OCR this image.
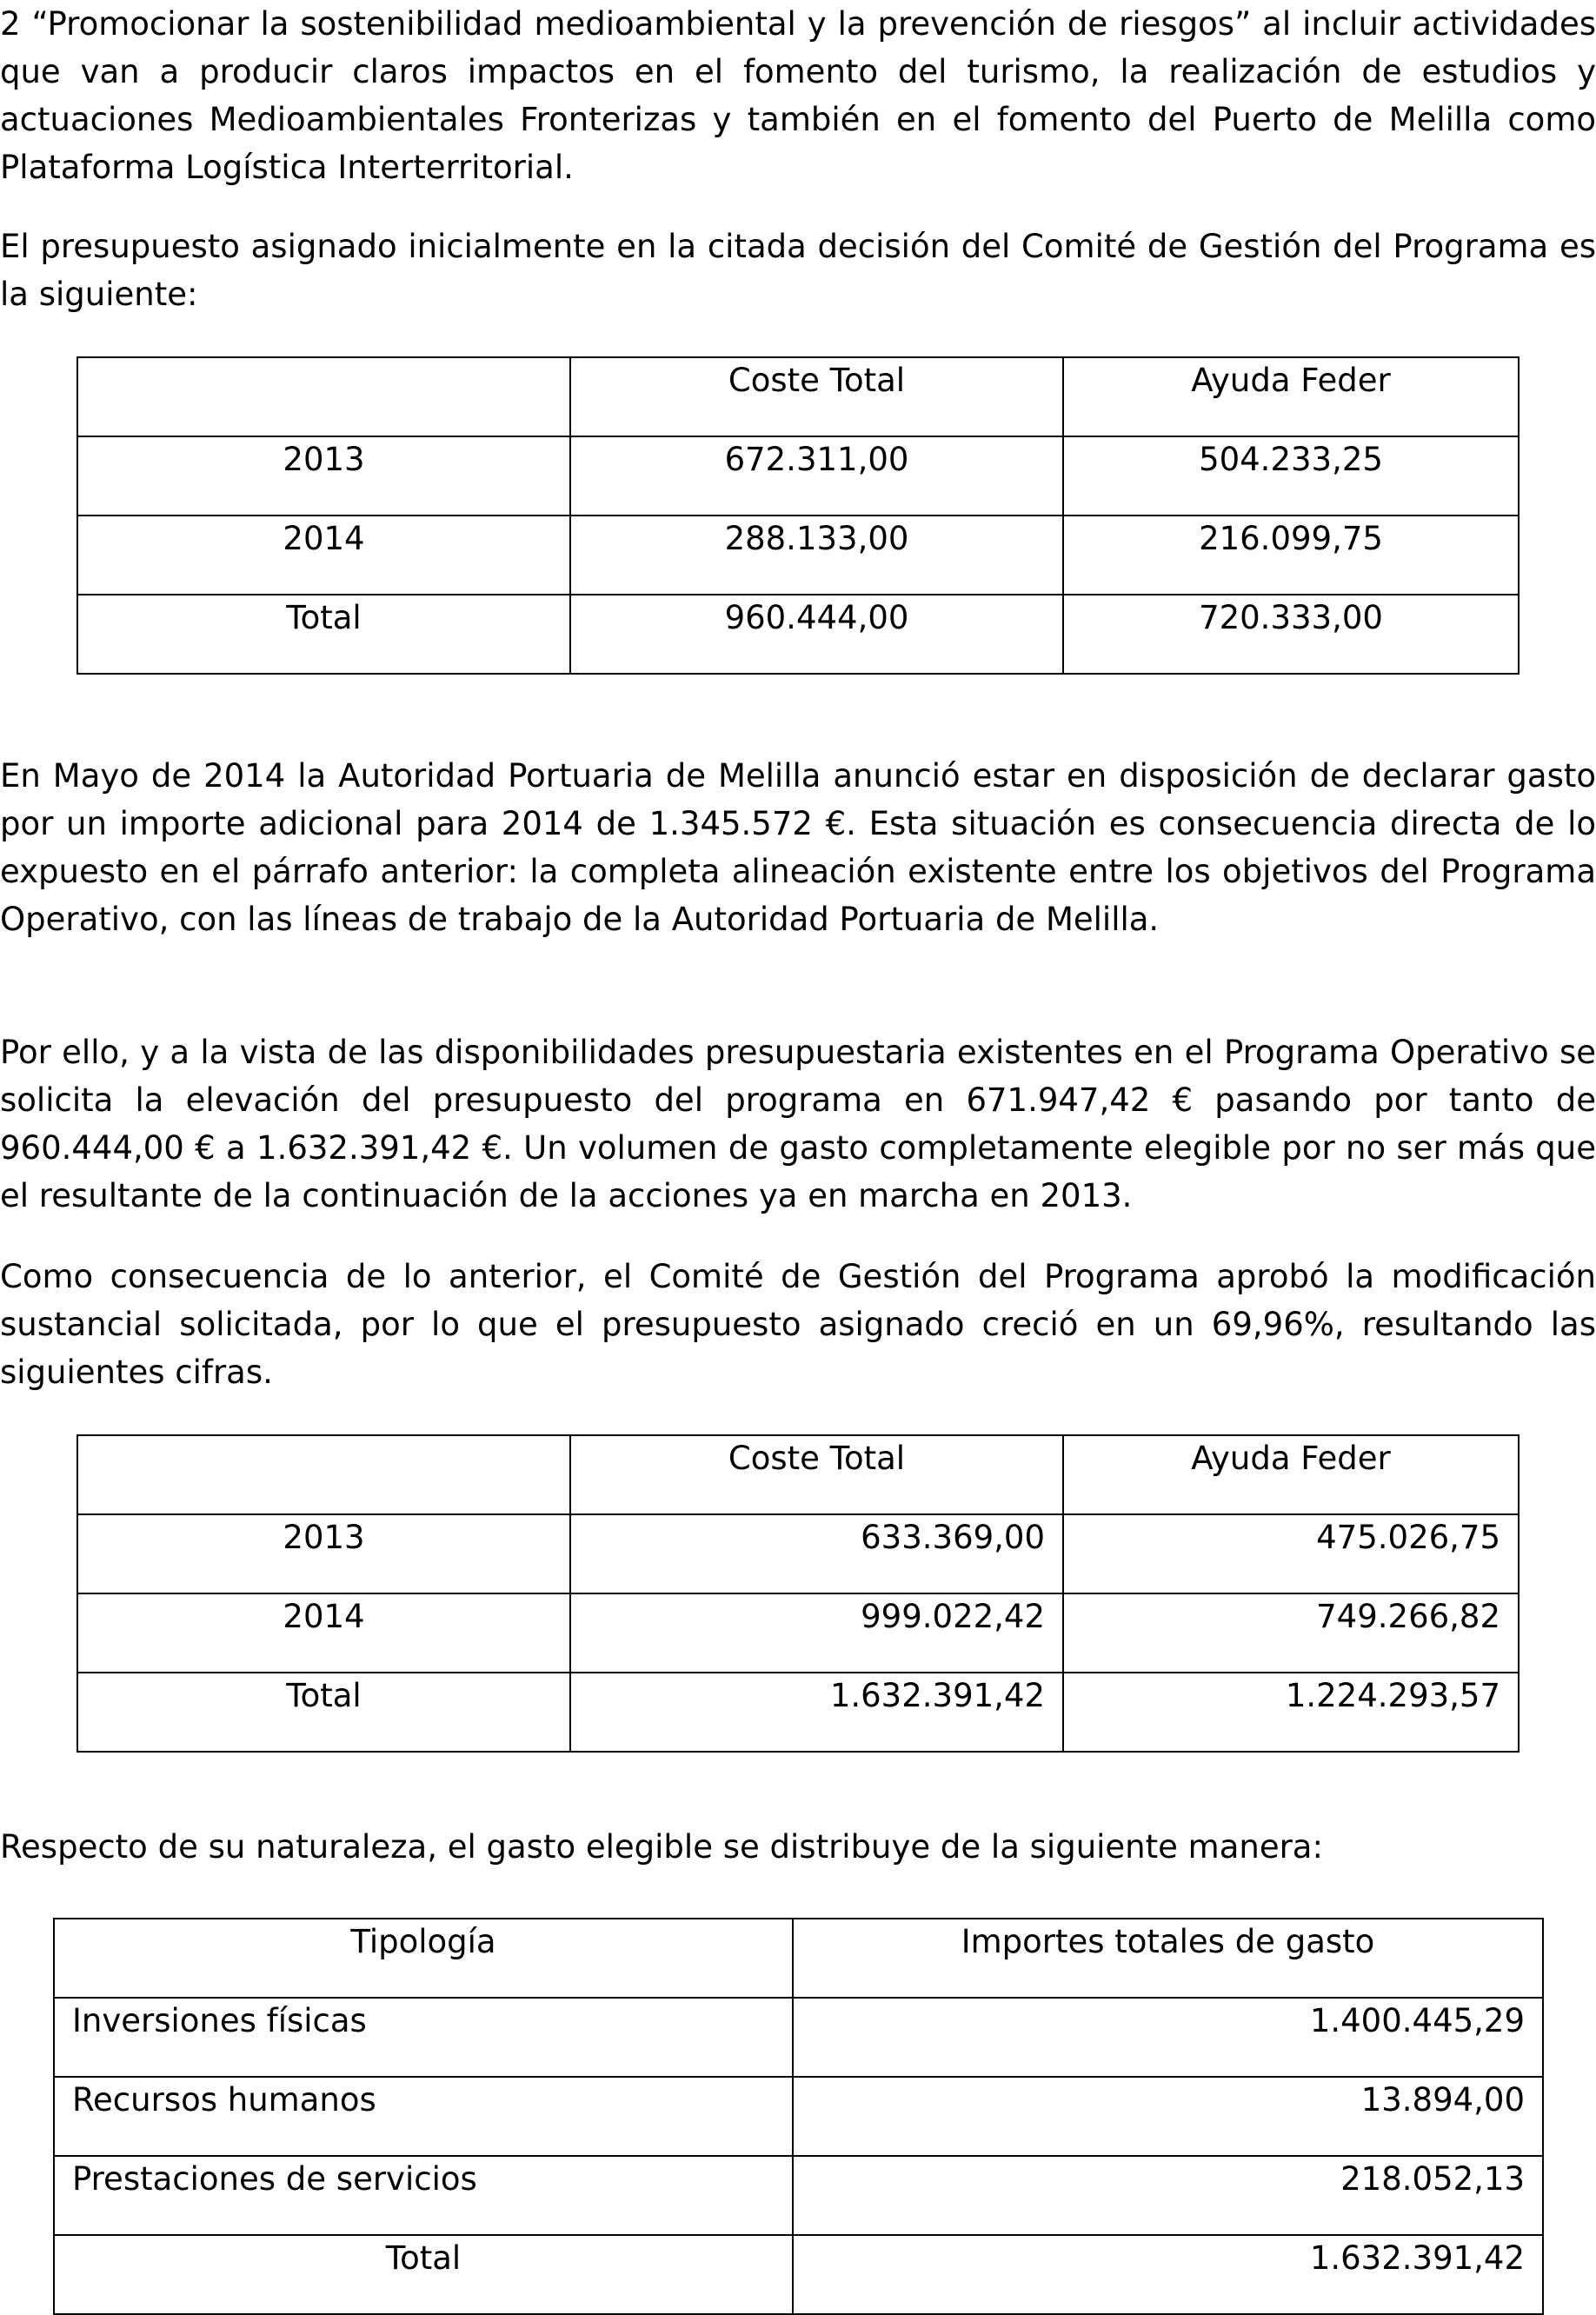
2 “Promocionar la sostenibilidad medioambiental y la prevención de riesgos” al incluir actividades que van a producir claros impactos en el fomento del turismo, la realización de estudios y actuaciones Medioambientales Fronterizas y también en el fomento del Puerto de Melilla como Plataforma Logística Interterritorial.

El presupuesto asignado inicialmente en la citada decisión del Comité de Gestión del Programa es la siguiente:

	Coste Total	Ayuda Feder
2013	672.311,00	504.233,25
2014	288.133,00	216.099,75
Total	960.444,00	720.333,00

En Mayo de 2014 la Autoridad Portuaria de Melilla anunció estar en disposición de declarar gasto por un importe adicional para 2014 de 1.345.572 €. Esta situación es consecuencia directa de lo expuesto en el párrafo anterior: la completa alineación existente entre los objetivos del Programa Operativo, con las líneas de trabajo de la Autoridad Portuaria de Melilla.

Por ello, y a la vista de las disponibilidades presupuestaria existentes en el Programa Operativo se solicita la elevación del presupuesto del programa en 671.947,42 € pasando por tanto de 960.444,00 € a 1.632.391,42 €. Un volumen de gasto completamente elegible por no ser más que el resultante de la continuación de la acciones ya en marcha en 2013.

Como consecuencia de lo anterior, el Comité de Gestión del Programa aprobó la modificación sustancial solicitada, por lo que el presupuesto asignado creció en un 69,96%, resultando las siguientes cifras.

	Coste Total	Ayuda Feder
2013	633.369,00	475.026,75
2014	999.022,42	749.266,82
Total	1.632.391,42	1.224.293,57

Respecto de su naturaleza, el gasto elegible se distribuye de la siguiente manera:

Tipología	Importes totales de gasto
Inversiones físicas	1.400.445,29
Recursos humanos	13.894,00
Prestaciones de servicios	218.052,13
Total	1.632.391,42
